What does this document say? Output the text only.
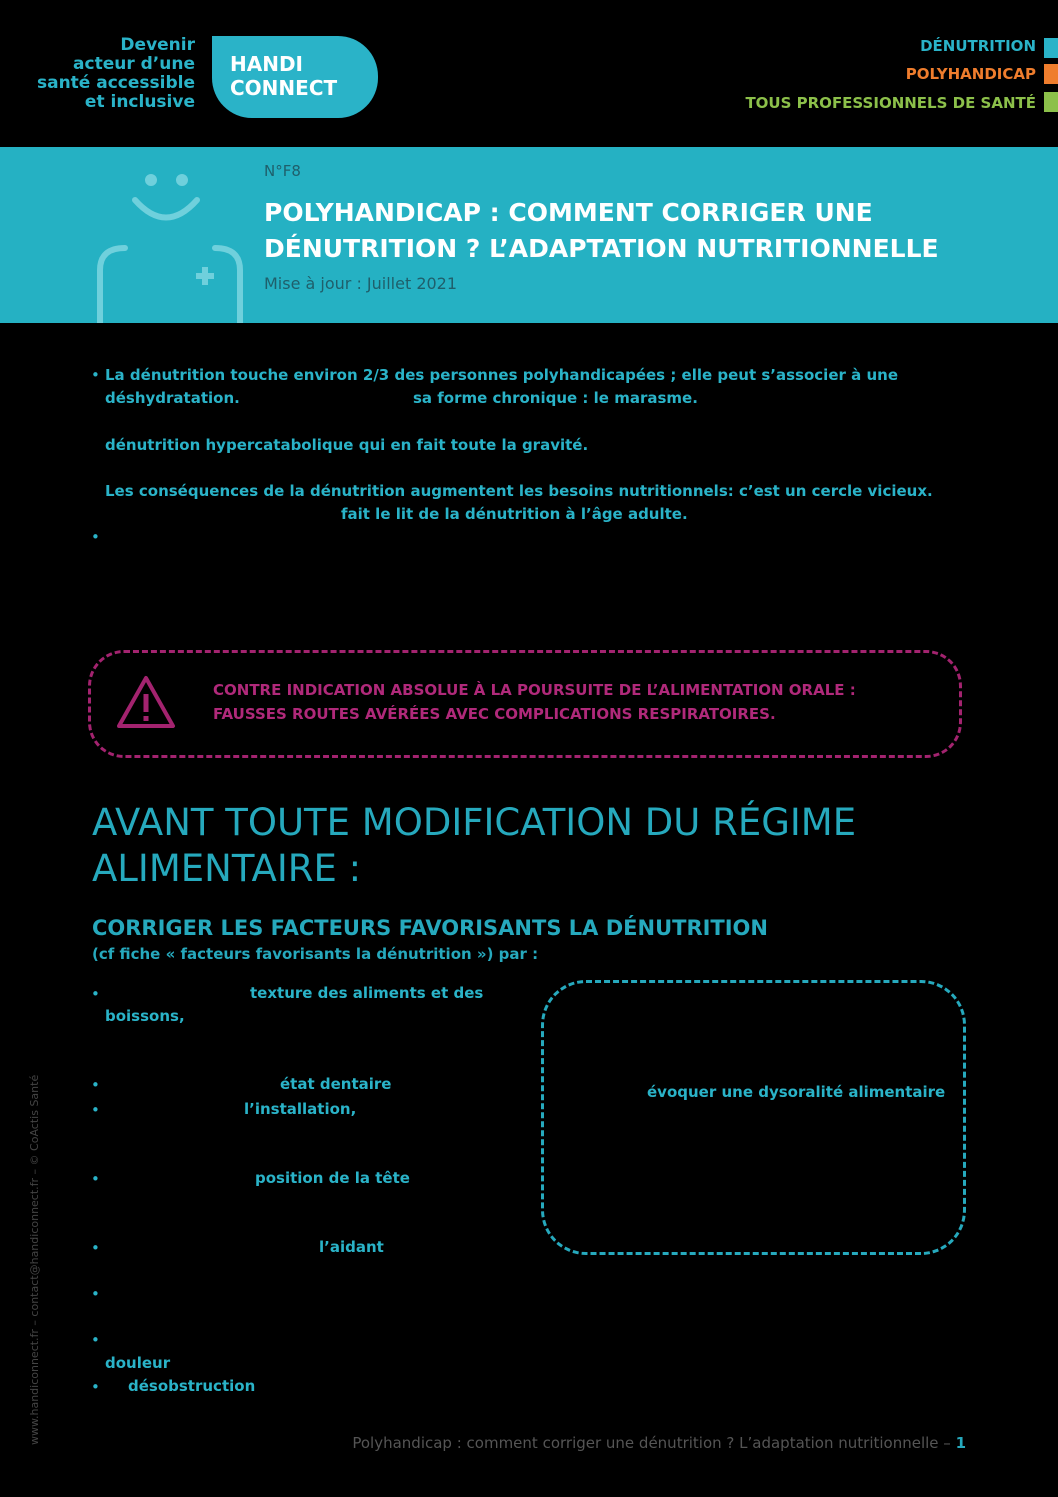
Devenir
acteur d’une
santé accessible
et inclusive
HANDI
CONNECT
DÉNUTRITION
POLYHANDICAP
TOUS PROFESSIONNELS DE SANTÉ
N°F8
POLYHANDICAP : COMMENT CORRIGER UNE
DÉNUTRITION ? L’ADAPTATION NUTRITIONNELLE
Mise à jour : Juillet 2021
• La dénutrition touche environ 2/3 des personnes polyhandicapées ; elle peut s’associer à une
déshydratation.	sa forme chronique : le marasme.
dénutrition hypercatabolique qui en fait toute la gravité.
Les conséquences de la dénutrition augmentent les besoins nutritionnels: c’est un cercle vicieux.
fait le lit de la dénutrition à l’âge adulte.
•
CONTRE INDICATION ABSOLUE À LA POURSUITE DE L’ALIMENTATION ORALE :
FAUSSES ROUTES AVÉRÉES AVEC COMPLICATIONS RESPIRATOIRES.
AVANT TOUTE MODIFICATION DU RÉGIME
ALIMENTAIRE :
CORRIGER LES FACTEURS FAVORISANTS LA DÉNUTRITION
(cf fiche « facteurs favorisants la dénutrition ») par :
•	texture des aliments et des
boissons,
•	état dentaire
•	l’installation,
•	position de la tête
•	l’aidant
•
•
douleur
• désobstruction
évoquer une dysoralité alimentaire
www.handiconnect.fr – contact@handiconnect.fr – © CoActis Santé	Polyhandicap : comment corriger une dénutrition ? L’adaptation nutritionnelle – 1
